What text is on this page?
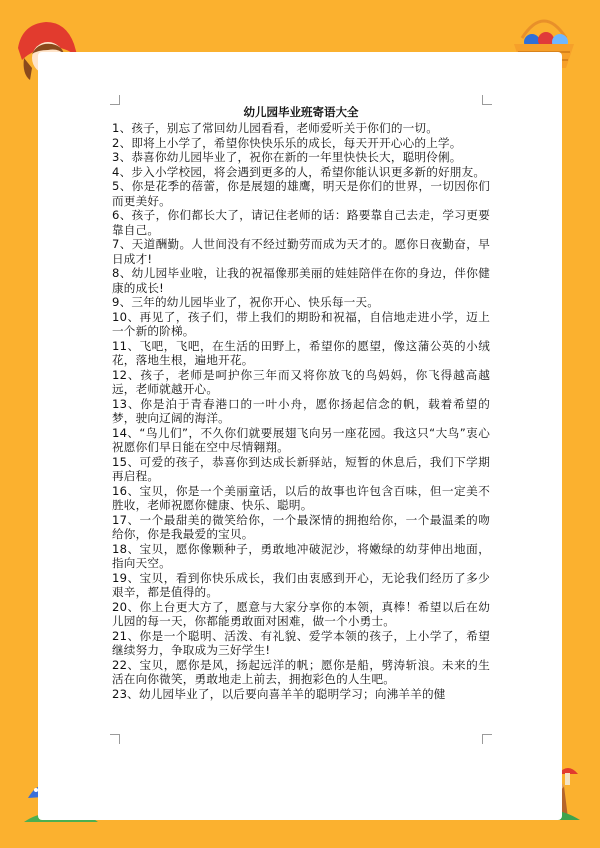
幼儿园毕业班寄语大全

1、孩子，别忘了常回幼儿园看看，老师爱听关于你们的一切。

2、即将上小学了，希望你快快乐乐的成长，每天开开心心的上学。

3、恭喜你幼儿园毕业了，祝你在新的一年里快快长大，聪明伶俐。

4、步入小学校园，将会遇到更多的人，希望你能认识更多新的好朋友。

5、你是花季的蓓蕾，你是展翅的雄鹰，明天是你们的世界，一切因你们而更美好。

6、孩子，你们都长大了，请记住老师的话：路要靠自己去走，学习更要靠自己。

7、天道酬勤。人世间没有不经过勤劳而成为天才的。愿你日夜勤奋，早日成才!

8、幼儿园毕业啦，让我的祝福像那美丽的娃娃陪伴在你的身边，伴你健康的成长!

9、三年的幼儿园毕业了，祝你开心、快乐每一天。

10、再见了，孩子们，带上我们的期盼和祝福，自信地走进小学，迈上一个新的阶梯。

11、飞吧，飞吧，在生活的田野上，希望你的愿望，像这蒲公英的小绒花，落地生根，遍地开花。

12、孩子，老师是呵护你三年而又将你放飞的鸟妈妈，你飞得越高越远，老师就越开心。

13、你是泊于青春港口的一叶小舟，愿你扬起信念的帆，载着希望的梦，驶向辽阔的海洋。

14、“鸟儿们”，不久你们就要展翅飞向另一座花园。我这只“大鸟”衷心祝愿你们早日能在空中尽情翱翔。

15、可爱的孩子，恭喜你到达成长新驿站，短暂的休息后，我们下学期再启程。

16、宝贝，你是一个美丽童话，以后的故事也许包含百味，但一定美不胜收，老师祝愿你健康、快乐、聪明。

17、一个最甜美的微笑给你，一个最深情的拥抱给你，一个最温柔的吻给你，你是我最爱的宝贝。

18、宝贝，愿你像颗种子，勇敢地冲破泥沙，将嫩绿的幼芽伸出地面，指向天空。

19、宝贝，看到你快乐成长，我们由衷感到开心，无论我们经历了多少艰辛，都是值得的。

20、你上台更大方了，愿意与大家分享你的本领，真棒！希望以后在幼儿园的每一天，你都能勇敢面对困难，做一个小勇士。

21、你是一个聪明、活泼、有礼貌、爱学本领的孩子，上小学了，希望继续努力，争取成为三好学生!

22、宝贝，愿你是风，扬起远洋的帆；愿你是船，劈涛斩浪。未来的生活在向你微笑，勇敢地走上前去，拥抱彩色的人生吧。

23、幼儿园毕业了，以后要向喜羊羊的聪明学习；向沸羊羊的健
